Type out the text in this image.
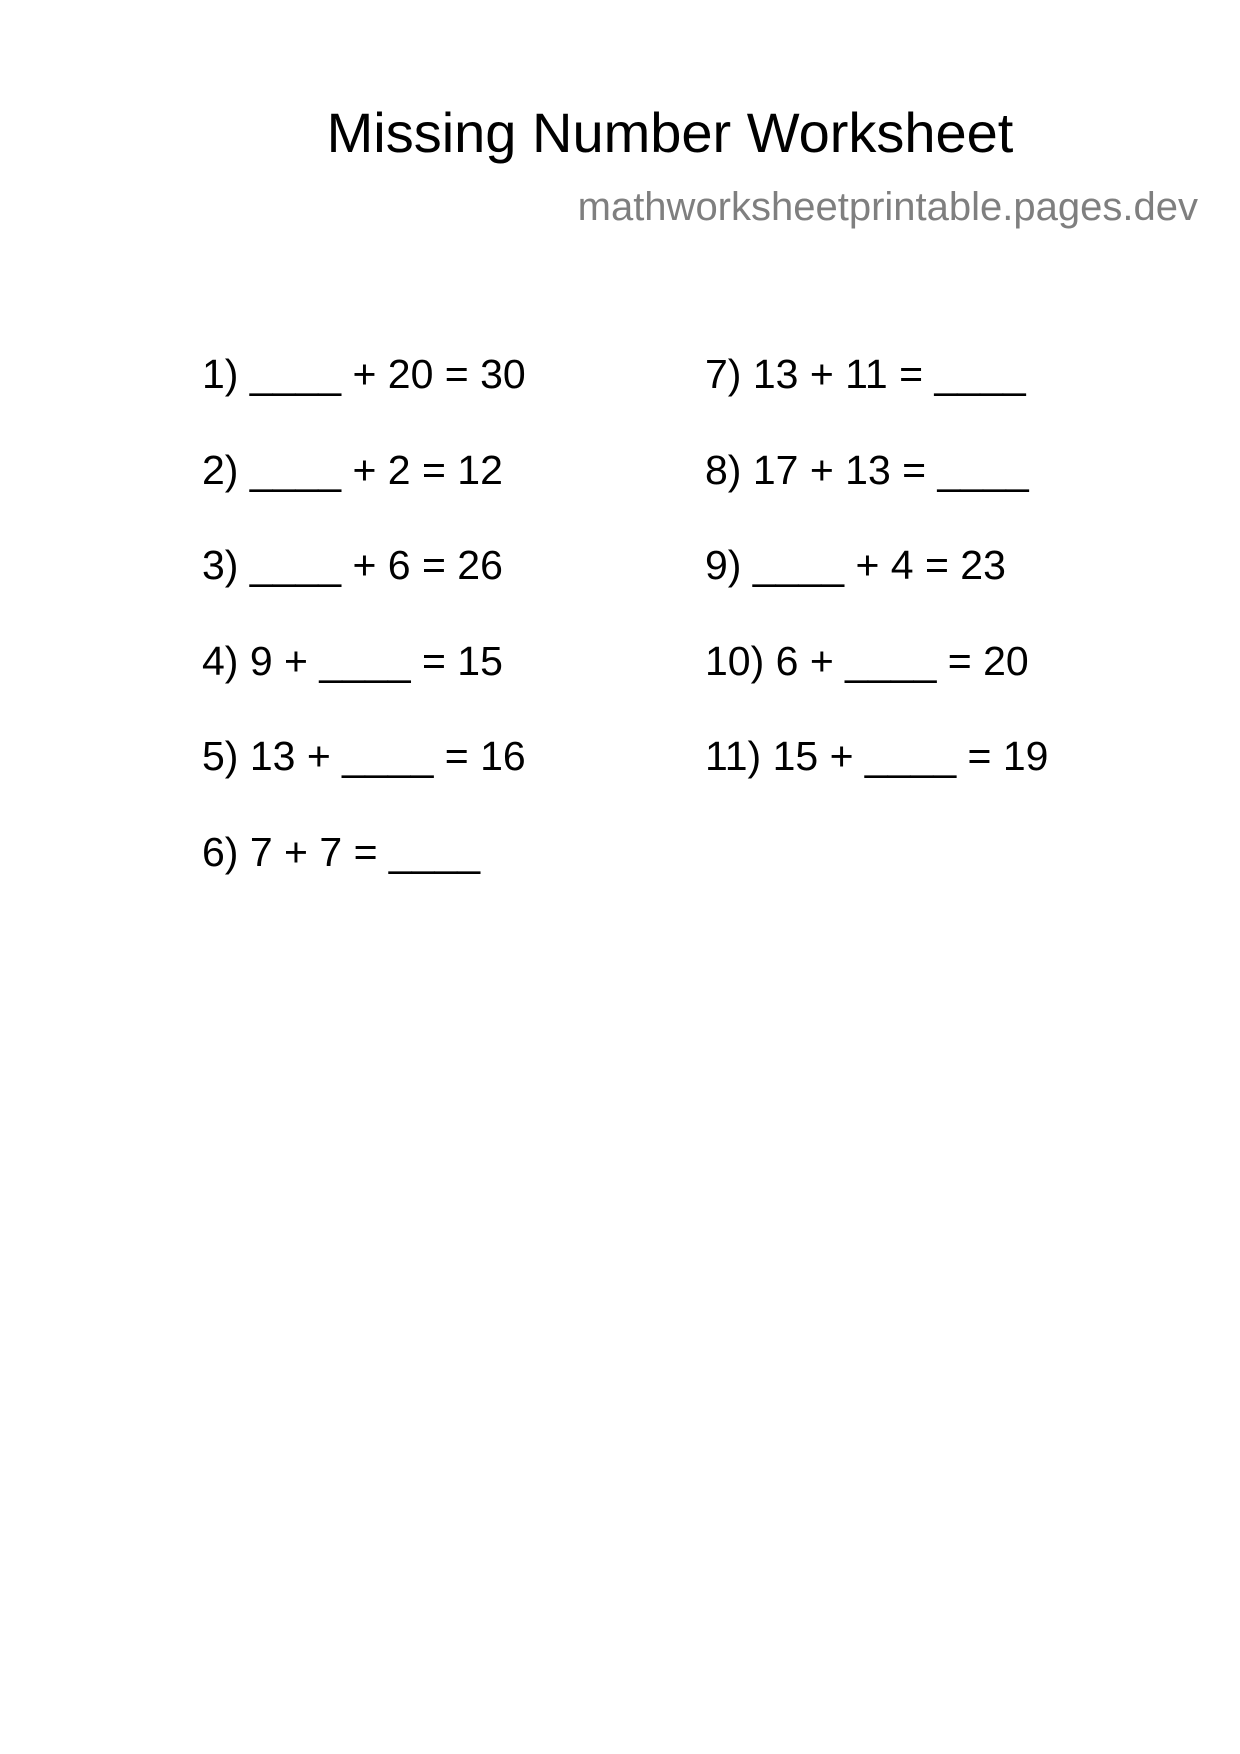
Missing Number Worksheet
mathworksheetprintable.pages.dev
1) ____ + 20 = 30
2) ____ + 2 = 12
3) ____ + 6 = 26
4) 9 + ____ = 15
5) 13 + ____ = 16
6) 7 + 7 = ____
7) 13 + 11 = ____
8) 17 + 13 = ____
9) ____ + 4 = 23
10) 6 + ____ = 20
11) 15 + ____ = 19
